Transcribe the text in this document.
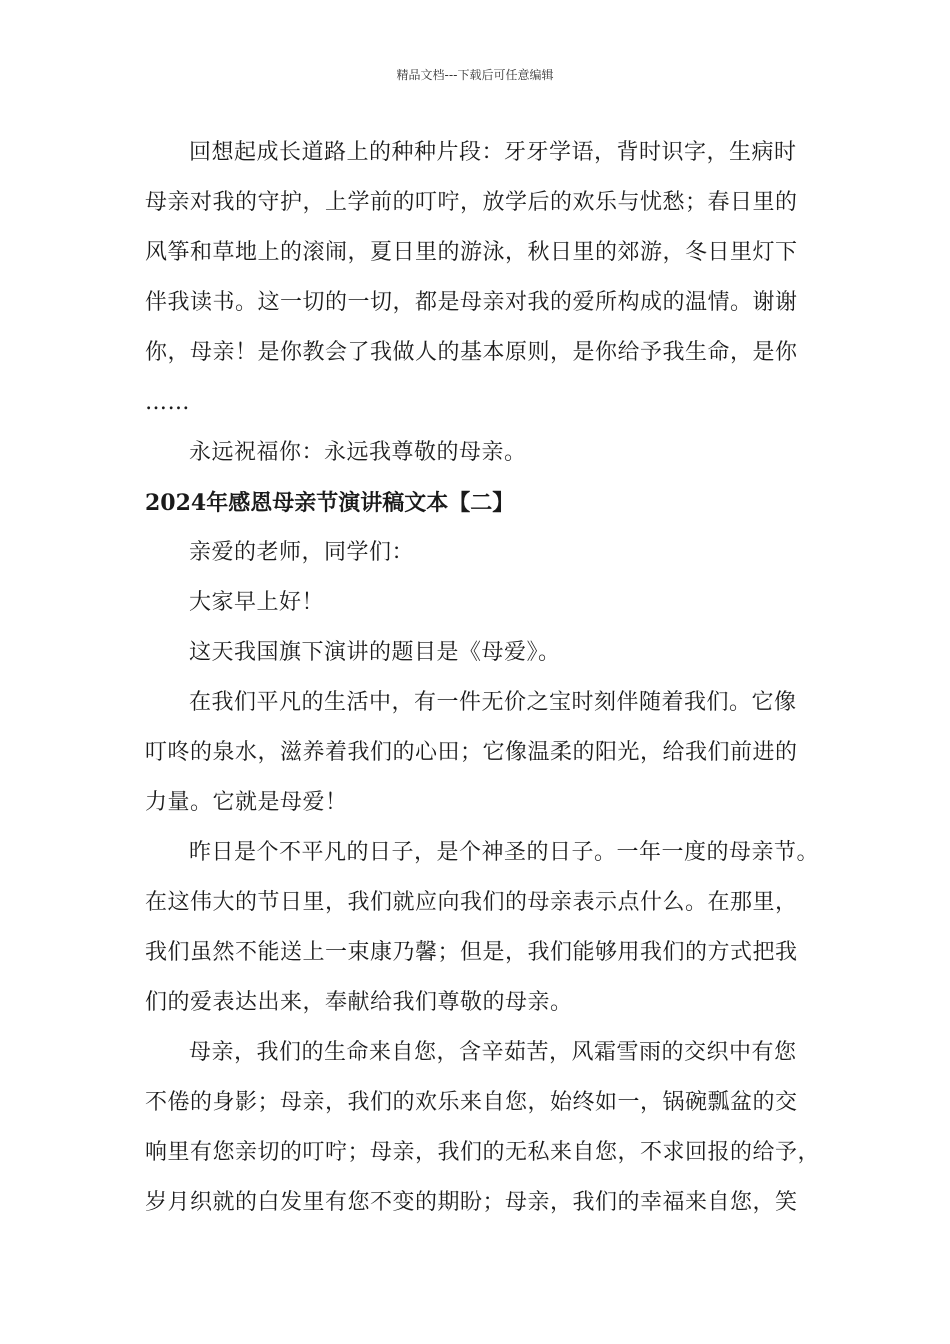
精品文档---下载后可任意编辑

回想起成长道路上的种种片段：牙牙学语，背时识字，生病时
母亲对我的守护，上学前的叮咛，放学后的欢乐与忧愁；春日里的
风筝和草地上的滚闹，夏日里的游泳，秋日里的郊游，冬日里灯下
伴我读书。这一切的一切，都是母亲对我的爱所构成的温情。谢谢
你，母亲！是你教会了我做人的基本原则，是你给予我生命，是你
……

永远祝福你：永远我尊敬的母亲。

2024年感恩母亲节演讲稿文本【二】

亲爱的老师，同学们：

大家早上好！

这天我国旗下演讲的题目是《母爱》。

在我们平凡的生活中，有一件无价之宝时刻伴随着我们。它像
叮咚的泉水，滋养着我们的心田；它像温柔的阳光，给我们前进的
力量。它就是母爱！

昨日是个不平凡的日子，是个神圣的日子。一年一度的母亲节。
在这伟大的节日里，我们就应向我们的母亲表示点什么。在那里，
我们虽然不能送上一束康乃馨；但是，我们能够用我们的方式把我
们的爱表达出来，奉献给我们尊敬的母亲。

母亲，我们的生命来自您，含辛茹苦，风霜雪雨的交织中有您
不倦的身影；母亲，我们的欢乐来自您，始终如一，锅碗瓢盆的交
响里有您亲切的叮咛；母亲，我们的无私来自您，不求回报的给予，
岁月织就的白发里有您不变的期盼；母亲，我们的幸福来自您，笑
